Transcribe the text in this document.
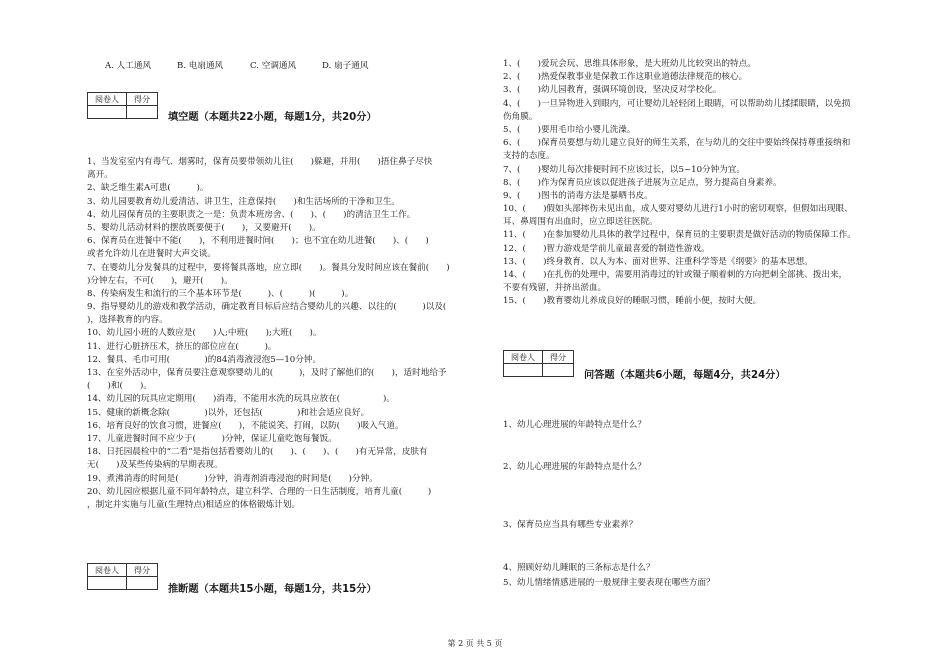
A. 人工通风	B. 电扇通风	C. 空调通风	D. 扇子通风
阅卷人	得分

填空题（本题共22小题，每题1分，共20分）
1、当发室室内有毒气、烟雾时，保育员要带领幼儿往(　　)躲避，并用(　　)捂住鼻子尽快
离开。
2、缺乏维生素A可患(　　　)。
3、幼儿园要教育幼儿爱清洁、讲卫生，注意保持(　　)和生活场所的干净和卫生。
4、幼儿园保育员的主要职责之一是：负责本班房舍、(　　)、(　　)的清洁卫生工作。
5、婴幼儿活动材料的摆放既要便于(　　)，又要避开(　　)。
6、保育员在进餐中不能(　　)，不利用进餐时间(　　)；也不宜在幼儿进餐(　　)、(　　)
或者允许幼儿在进餐时大声交谈。
7、在婴幼儿分发餐具的过程中，要将餐具落地，应立即(　　)。餐具分发时间应该在餐前(　　)
)分钟左右，不可(　　)，避开(　　)。
8、传染病发生和流行的三个基本环节是(　　　)、(　　　)(　　　)。
9、指导婴幼儿的游戏和教学活动，确定教育目标后应结合婴幼儿的兴趣、以往的(　　　)以及(
)，选择教育的内容。
10、幼儿园小班的人数应是(　　)人;中班(　　);大班(　　)。
11、进行心脏挤压术，挤压的部位应在(　　　)。
12、餐具、毛巾可用(　　　　)的84消毒液浸泡5—10分钟。
13、在室外活动中，保育员要注意观察婴幼儿的(　　　)，及时了解他们的(　　)，适时地给予
(　　)和(　　)。
14、幼儿园的玩具应定期用(　　)消毒，不能用水洗的玩具应放在(　　　　　)。
15、健康的新概念除(　　　　)以外，还包括(　　　　)和社会适应良好。
16、培育良好的饮食习惯，进餐应(　　)，不能说笑、打闹，以防(　　)吸入气道。
17、儿童进餐时间不应少于(　　　)分钟，保证儿童吃饱每餐饭。
18、日托园晨检中的“二看”是指包括看婴幼儿的(　　)、(　　)、(　　)有无异常，皮肤有
无(　　)及某些传染病的早期表现。
19、煮沸消毒的时间是(　　　)分钟，消毒剂消毒浸泡的时间是(　　)分钟。
20、幼儿园应根据儿童不同年龄特点，建立科学、合理的一日生活制度，培育儿童(　　　)
，制定并实施与儿童(生理特点)相适应的体格锻炼计划。
阅卷人	得分

推断题（本题共15小题，每题1分，共15分）
1、(　　)爱玩会玩、思维具体形象，是大班幼儿比较突出的特点。
2、(　　)热爱保教事业是保教工作这职业道德法律规范的核心。
3、(　　)幼儿园教育，强调环境创设，坚决反对学校化。
4、(　　)一旦异物进入到眼内，可让婴幼儿轻轻闭上眼睛，可以帮助幼儿揉揉眼睛，以免损
伤角膜。
5、(　　)要用毛巾给小婴儿洗澡。
6、(　　)保育员要想与幼儿建立良好的师生关系，在与幼儿的交往中要始终保持尊重接纳和
支持的态度。
7、(　　)婴幼儿每次排便时间不应该过长，以5~10分钟为宜。
8、(　　)作为保育员应该以促进孩子进展为立足点，努力提高自身素养。
9、(　　)图书的消毒方法是暴晒书皮。
10、(　　)假如头部摔伤未见出血，成人要对婴幼儿进行1小时的密切观察，但假如出现眼、
耳、鼻周围有出血时，应立即送往医院。
11、(　　)在参加婴幼儿具体的教学过程中，保育员的主要职责是做好活动的物质保障工作。
12、(　　)智力游戏是学前儿童最喜爱的制造性游戏。
13、(　　)终身教育、以人为本、面对世界、注重科学等是《纲要》的基本思想。
14、(　　)在扎伤的处理中，需要用消毒过的针或镊子顺着刺的方向把刺全部挑、拨出来，
不要有残留，并挤出淤血。
15、(　　)教育婴幼儿养成良好的睡眠习惯，睡前小便，按时大便。
阅卷人	得分

问答题（本题共6小题，每题4分，共24分）
1、幼儿心理进展的年龄特点是什么？
2、幼儿心理进展的年龄特点是什么？
3、保育员应当具有哪些专业素养？
4、照顾好幼儿睡眠的三条标志是什么？
5、幼儿情绪情感进展的一般规律主要表现在哪些方面？
第 2 页 共 5 页
